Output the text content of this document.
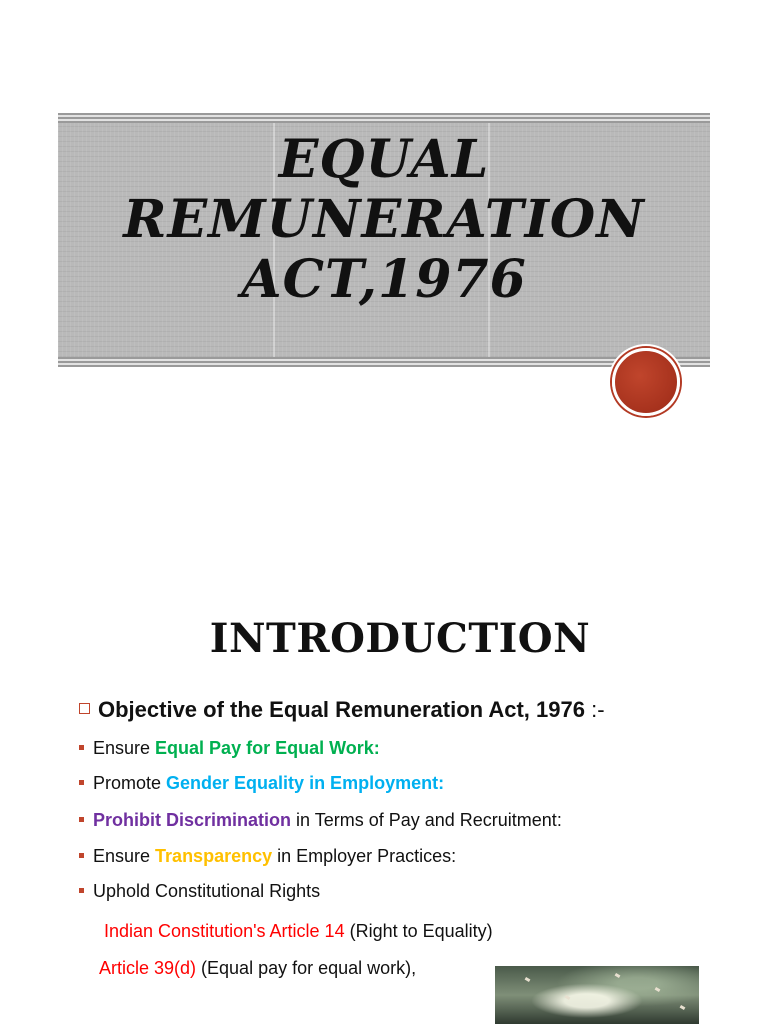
EQUAL
REMUNERATION
ACT,1976
INTRODUCTION
Objective of the Equal Remuneration Act, 1976 :-
Ensure Equal Pay for Equal Work:
Promote Gender Equality in Employment:
Prohibit Discrimination in Terms of Pay and Recruitment:
Ensure Transparency in Employer Practices:
Uphold Constitutional Rights
Indian Constitution's Article 14 (Right to Equality)
Article 39(d) (Equal pay for equal work),
